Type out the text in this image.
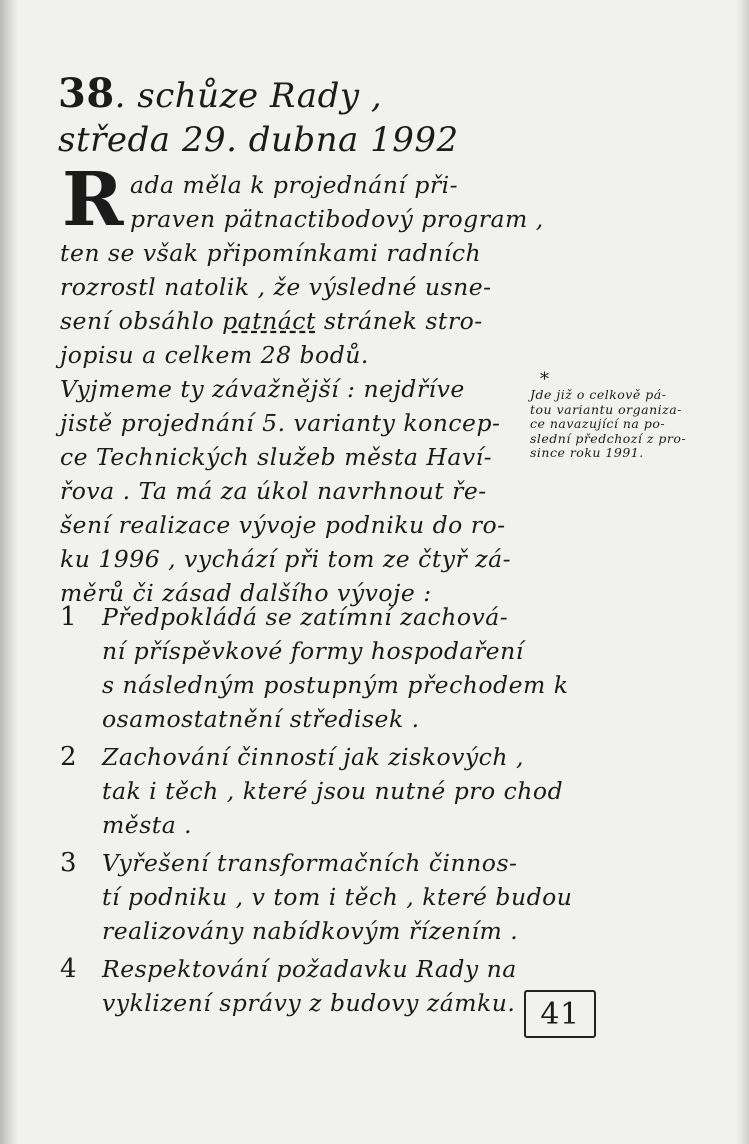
38. schůze Rady ,
středa 29. dubna 1992
R ada měla k projednání při-
praven pätnactibodový program ,
ten se však připomínkami radních
rozrostl natolik , že výsledné usne-
sení obsáhlo patnáct stránek stro-
jopisu a celkem 28 bodů.
Vyjmeme ty závažnější : nejdříve
jistě projednání 5. varianty koncep-
ce Technických služeb města Haví-
řova . Ta má za úkol navrhnout ře-
šení realizace vývoje podniku do ro-
ku 1996 , vychází při tom ze čtyř zá-
měrů či zásad dalšího vývoje :
1 Předpokládá se zatímní zachová-
ní příspěvkové formy hospodaření
s následným postupným přechodem k
osamostatnění středisek .
2 Zachování činností jak ziskových ,
tak i těch , které jsou nutné pro chod
města .
3 Vyřešení transformačních činnos-
tí podniku , v tom i těch , které budou
realizovány nabídkovým řízením .
4 Respektování požadavku Rady na
vyklizení správy z budovy zámku.
*
Jde již o celkově pá-
tou variantu organiza-
ce navazující na po-
slední předchozí z pro-
since roku 1991.
41
